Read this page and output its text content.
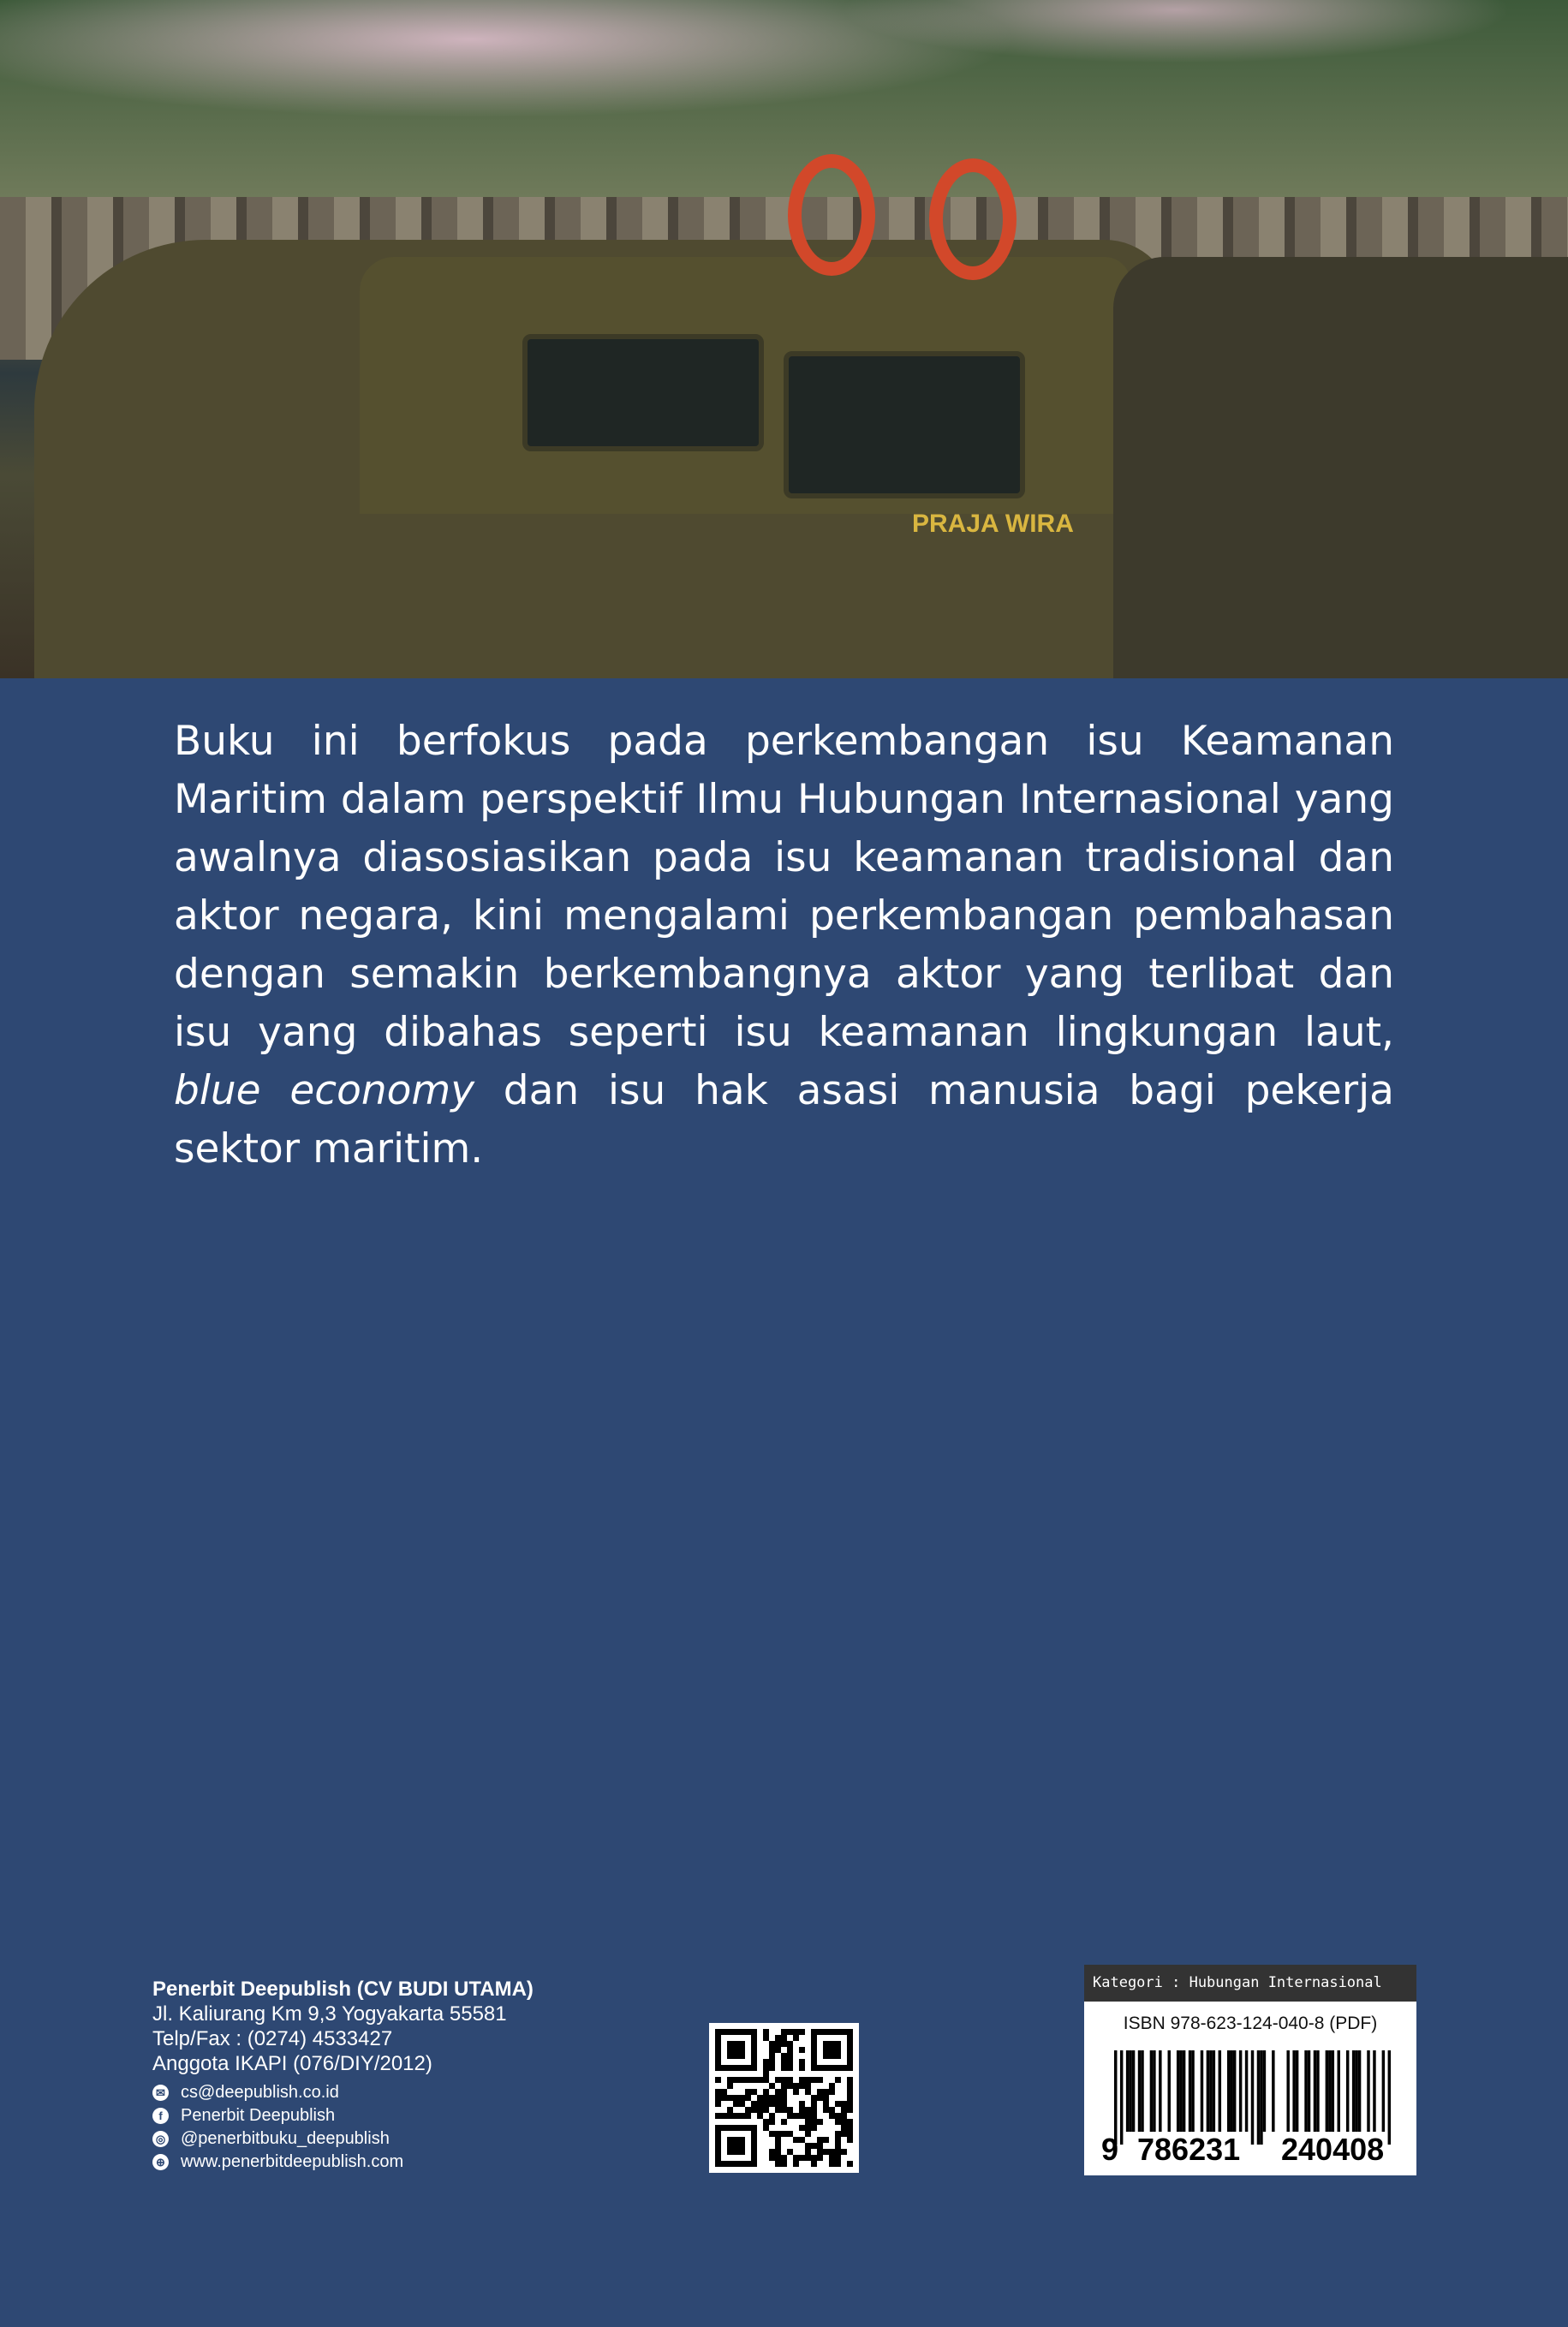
PRAJA WIRA
Buku ini berfokus pada perkembangan isu Keamanan Maritim dalam perspektif Ilmu Hubungan Internasional yang awalnya diasosiasikan pada isu keamanan tradisional dan aktor negara, kini mengalami perkembangan pembahasan dengan semakin berkembangnya aktor yang terlibat dan isu yang dibahas seperti isu keamanan lingkungan laut, blue economy dan isu hak asasi manusia bagi pekerja sektor maritim.
Penerbit Deepublish (CV BUDI UTAMA)
Jl. Kaliurang Km 9,3 Yogyakarta 55581
Telp/Fax : (0274) 4533427
Anggota IKAPI (076/DIY/2012)
✉ cs@deepublish.co.id
f	Penerbit Deepublish
◎ @penerbitbuku_deepublish
⊕ www.penerbitdeepublish.com
Kategori : Hubungan Internasional
ISBN 978-623-124-040-8 (PDF)
9 786231 240408
